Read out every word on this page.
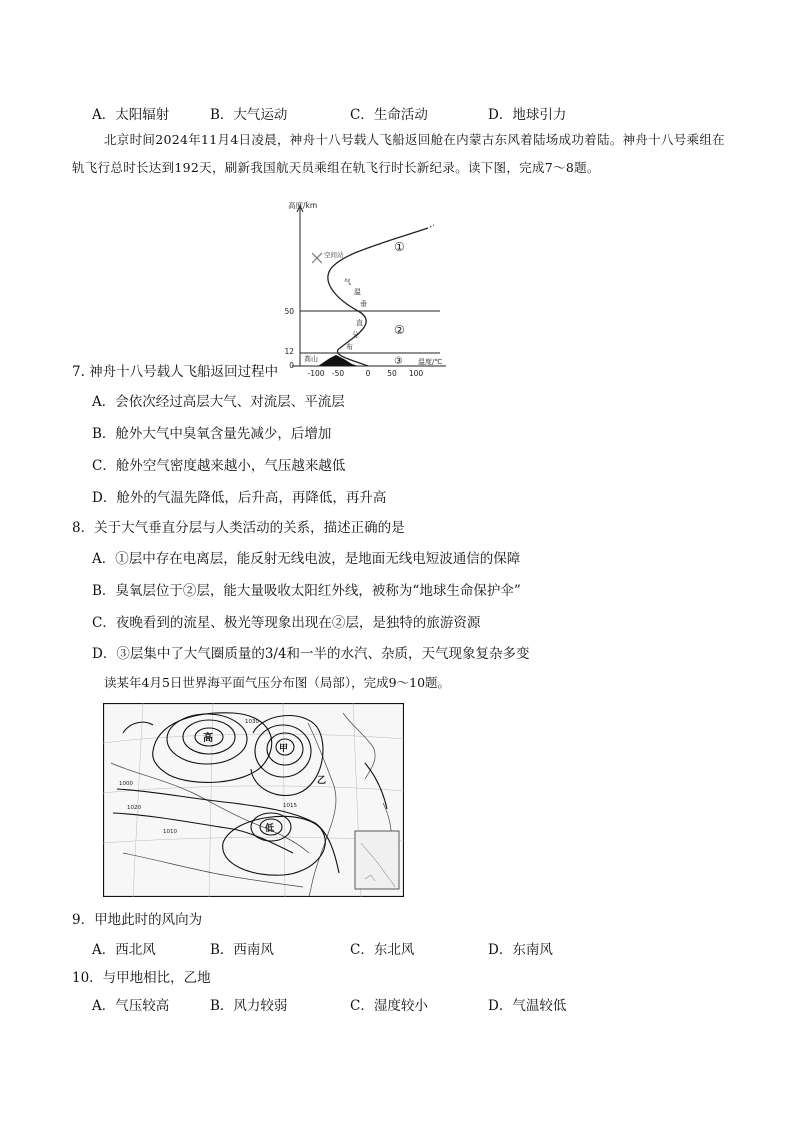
A．太阳辐射	B．大气运动	C．生命活动	D．地球引力
北京时间2024年11月4日凌晨，神舟十八号载人飞船返回舱在内蒙古东风着陆场成功着陆。神舟十八号乘组在轨飞行总时长达到192天，刷新我国航天员乘组在轨飞行时长新纪录。读下图，完成7～8题。
高度/km
温度/℃
50
12
0
-100 -50	0 50 100
空间站
气
温
垂
直
分
布
高山
①
②
③
7. 神舟十八号载人飞船返回过程中
A．会依次经过高层大气、对流层、平流层
B．舱外大气中臭氧含量先减少，后增加
C．舱外空气密度越来越小，气压越来越低
D．舱外的气温先降低，后升高，再降低，再升高
8．关于大气垂直分层与人类活动的关系，描述正确的是
A．①层中存在电离层，能反射无线电波，是地面无线电短波通信的保障
B．臭氧层位于②层，能大量吸收太阳红外线，被称为“地球生命保护伞”
C．夜晚看到的流星、极光等现象出现在②层，是独特的旅游资源
D．③层集中了大气圈质量的3/4和一半的水汽、杂质，天气现象复杂多变
读某年4月5日世界海平面气压分布图（局部），完成9～10题。
高
低
甲
乙
1000
1020
1010
1015
1030
9．甲地此时的风向为
A．西北风	B．西南风	C．东北风	D．东南风
10．与甲地相比，乙地
A．气压较高	B．风力较弱	C．湿度较小	D．气温较低
